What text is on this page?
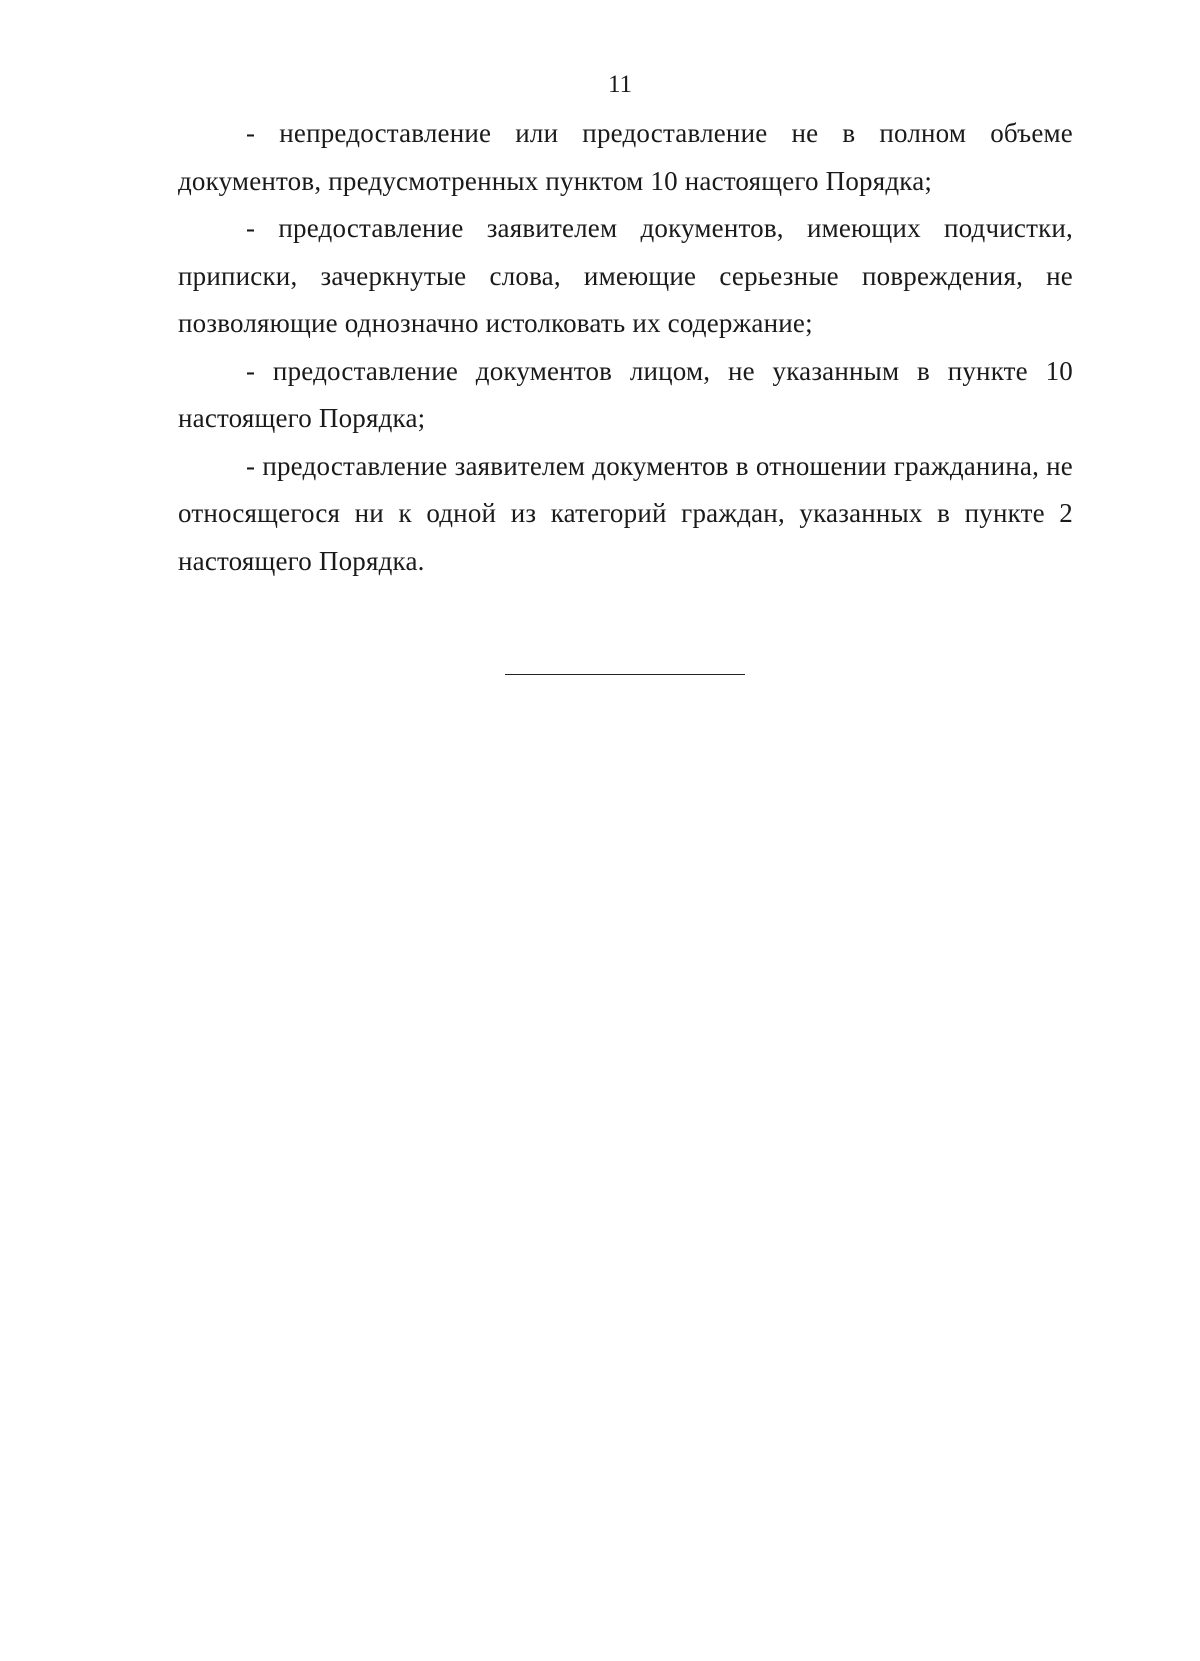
11

- непредоставление или предоставление не в полном объеме документов, предусмотренных пунктом 10 настоящего Порядка;

- предоставление заявителем документов, имеющих подчистки, приписки, зачеркнутые слова, имеющие серьезные повреждения, не позволяющие однозначно истолковать их содержание;

- предоставление документов лицом, не указанным в пункте 10 настоящего Порядка;

- предоставление заявителем документов в отношении гражданина, не относящегося ни к одной из категорий граждан, указанных в пункте 2 настоящего Порядка.
